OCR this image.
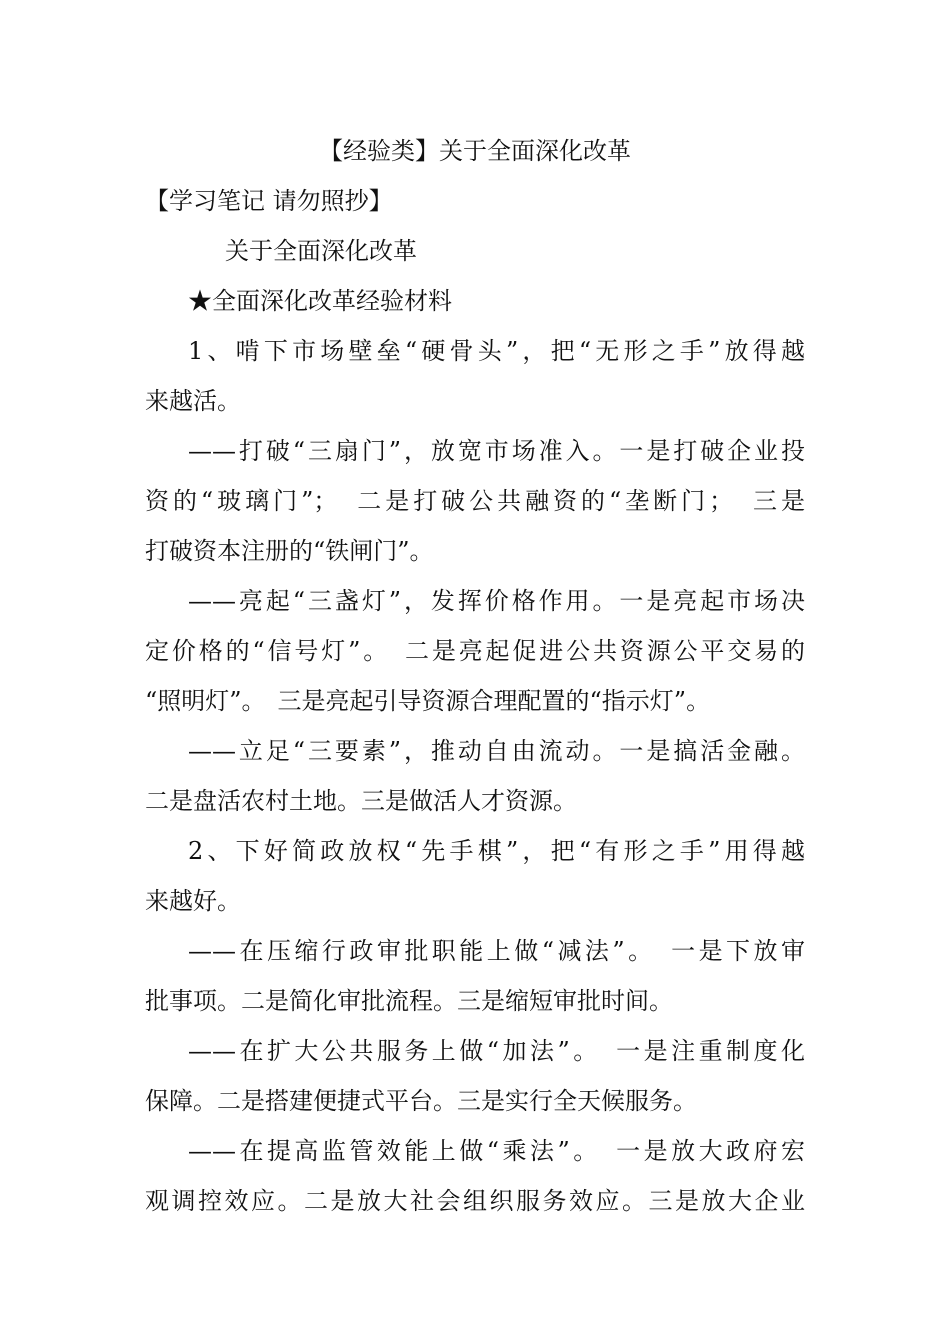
【经验类】关于全面深化改革
【学习笔记 请勿照抄】
关于全面深化改革
★全面深化改革经验材料
1、啃下市场壁垒“硬骨头”，把“无形之手”放得越
来越活。
——打破“三扇门”，放宽市场准入。一是打破企业投
资的“玻璃门”；　二是打破公共融资的“垄断门；　三是
打破资本注册的“铁闸门”。
——亮起“三盏灯”，发挥价格作用。一是亮起市场决
定价格的“信号灯”。　二是亮起促进公共资源公平交易的
“照明灯”。　三是亮起引导资源合理配置的“指示灯”。
——立足“三要素”，推动自由流动。一是搞活金融。
二是盘活农村土地。三是做活人才资源。
2、下好简政放权“先手棋”，把“有形之手”用得越
来越好。
——在压缩行政审批职能上做“减法”。　一是下放审
批事项。二是简化审批流程。三是缩短审批时间。
——在扩大公共服务上做“加法”。　一是注重制度化
保障。二是搭建便捷式平台。三是实行全天候服务。
——在提高监管效能上做“乘法”。　一是放大政府宏
观调控效应。二是放大社会组织服务效应。三是放大企业
